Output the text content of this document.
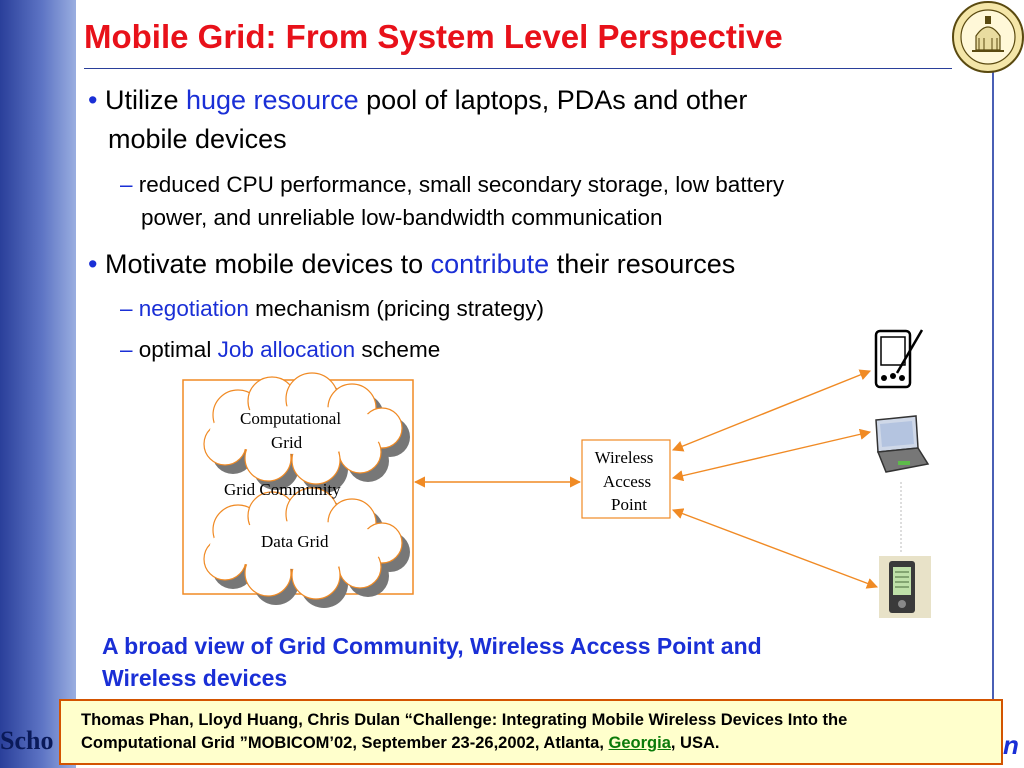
Mobile Grid: From System Level Perspective
• Utilize huge resource pool of laptops, PDAs and other
mobile devices
– reduced CPU performance, small secondary storage, low battery
power, and unreliable low-bandwidth communication
• Motivate mobile devices to contribute their resources
– negotiation mechanism (pricing strategy)
– optimal Job allocation scheme
Computational
Grid
Grid Community
Data Grid
Wireless
Access
Point
A broad view of Grid Community, Wireless Access Point and
Wireless devices
Scho	n
Thomas Phan, Lloyd Huang, Chris Dulan “Challenge: Integrating Mobile Wireless Devices Into the
Computational Grid ”MOBICOM’02, September 23-26,2002, Atlanta, Georgia, USA.
